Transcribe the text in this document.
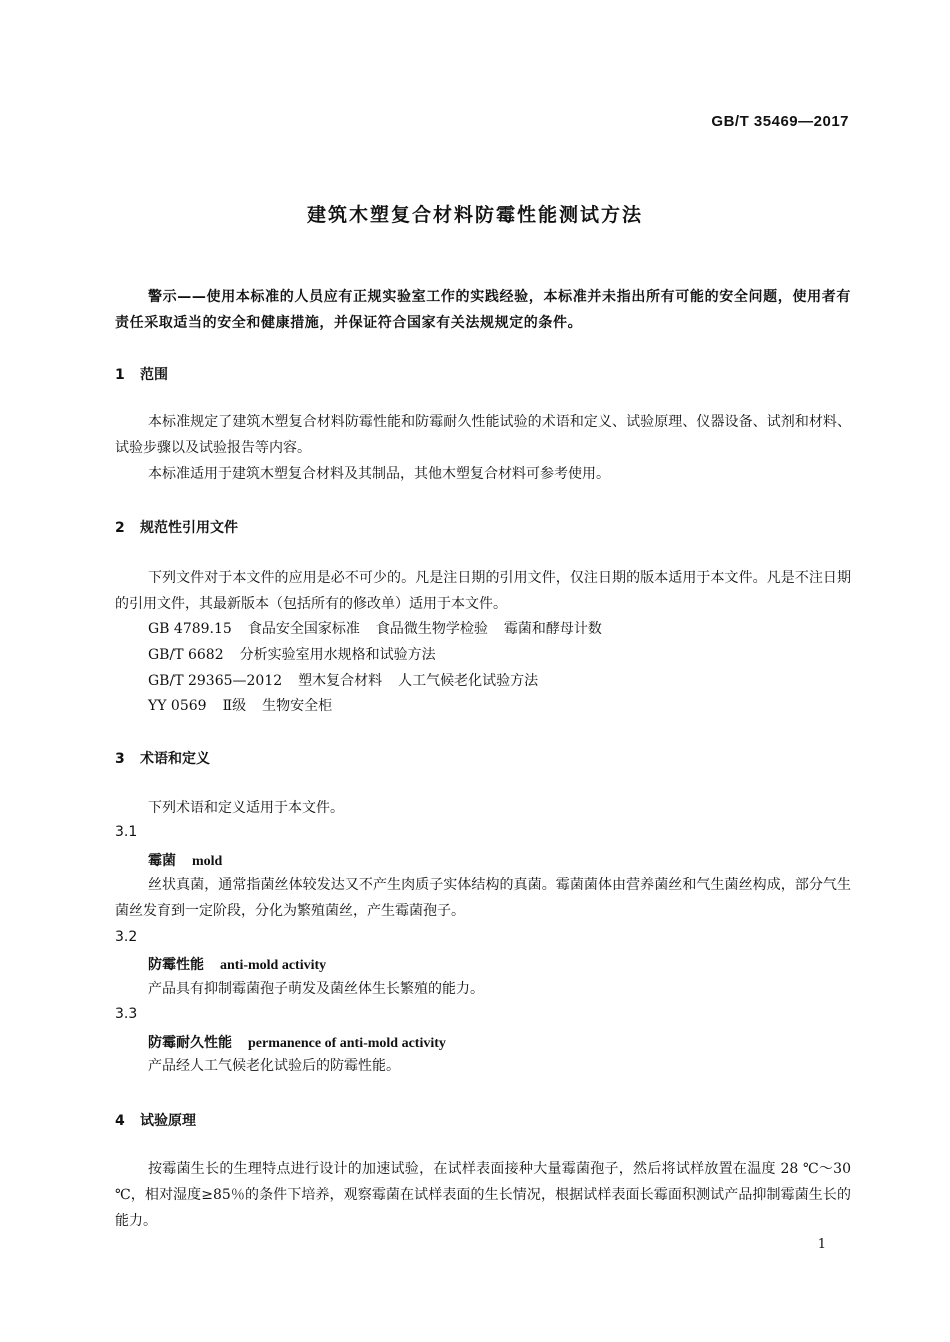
GB/T 35469—2017
建筑木塑复合材料防霉性能测试方法
警示——使用本标准的人员应有正规实验室工作的实践经验，本标准并未指出所有可能的安全问题，使用者有责任采取适当的安全和健康措施，并保证符合国家有关法规规定的条件。
1 范围
本标准规定了建筑木塑复合材料防霉性能和防霉耐久性能试验的术语和定义、试验原理、仪器设备、试剂和材料、试验步骤以及试验报告等内容。
本标准适用于建筑木塑复合材料及其制品，其他木塑复合材料可参考使用。
2 规范性引用文件
下列文件对于本文件的应用是必不可少的。凡是注日期的引用文件，仅注日期的版本适用于本文件。凡是不注日期的引用文件，其最新版本（包括所有的修改单）适用于本文件。
GB 4789.15 食品安全国家标准 食品微生物学检验 霉菌和酵母计数
GB/T 6682 分析实验室用水规格和试验方法
GB/T 29365—2012 塑木复合材料 人工气候老化试验方法
YY 0569 Ⅱ级 生物安全柜
3 术语和定义
下列术语和定义适用于本文件。
3.1
霉菌 mold
丝状真菌，通常指菌丝体较发达又不产生肉质子实体结构的真菌。霉菌菌体由营养菌丝和气生菌丝构成，部分气生菌丝发育到一定阶段，分化为繁殖菌丝，产生霉菌孢子。
3.2
防霉性能 anti-mold activity
产品具有抑制霉菌孢子萌发及菌丝体生长繁殖的能力。
3.3
防霉耐久性能 permanence of anti-mold activity
产品经人工气候老化试验后的防霉性能。
4 试验原理
按霉菌生长的生理特点进行设计的加速试验，在试样表面接种大量霉菌孢子，然后将试样放置在温度 28 ℃～30 ℃，相对湿度≥85％的条件下培养，观察霉菌在试样表面的生长情况，根据试样表面长霉面积测试产品抑制霉菌生长的能力。
1
